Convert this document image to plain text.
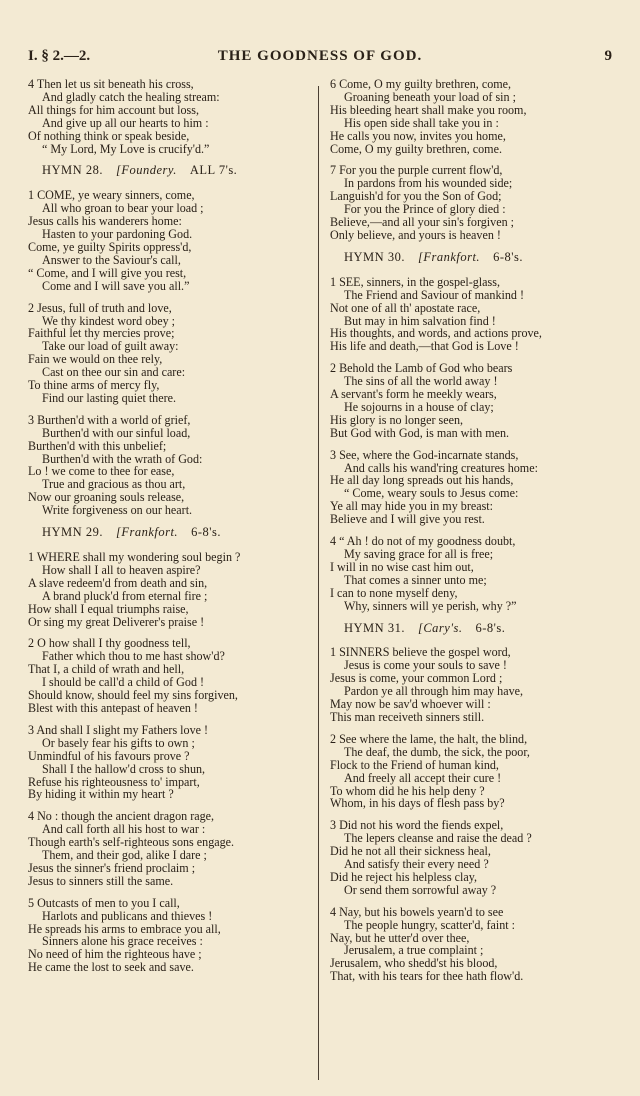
I. § 2.—2.	THE GOODNESS OF GOD.	9
4 Then let us sit beneath his cross,
And gladly catch the healing stream:
All things for him account but loss,
And give up all our hearts to him :
Of nothing think or speak beside,
“ My Lord, My Love is crucify'd.”
HYMN 28.  [Foundery.  ALL 7's.
1 COME, ye weary sinners, come,
All who groan to bear your load ;
Jesus calls his wanderers home:
Hasten to your pardoning God.
Come, ye guilty Spirits oppress'd,
Answer to the Saviour's call,
“ Come, and I will give you rest,
Come and I will save you all.”
2 Jesus, full of truth and love,
We thy kindest word obey ;
Faithful let thy mercies prove;
Take our load of guilt away:
Fain we would on thee rely,
Cast on thee our sin and care:
To thine arms of mercy fly,
Find our lasting quiet there.
3 Burthen'd with a world of grief,
Burthen'd with our sinful load,
Burthen'd with this unbelief;
Burthen'd with the wrath of God:
Lo ! we come to thee for ease,
True and gracious as thou art,
Now our groaning souls release,
Write forgiveness on our heart.
HYMN 29.  [Frankfort.  6-8's.
1 WHERE shall my wondering soul begin ?
How shall I all to heaven aspire?
A slave redeem'd from death and sin,
A brand pluck'd from eternal fire ;
How shall I equal triumphs raise,
Or sing my great Deliverer's praise !
2 O how shall I thy goodness tell,
Father which thou to me hast show'd?
That I, a child of wrath and hell,
I should be call'd a child of God !
Should know, should feel my sins forgiven,
Blest with this antepast of heaven !
3 And shall I slight my Fathers love !
Or basely fear his gifts to own ;
Unmindful of his favours prove ?
Shall I the hallow'd cross to shun,
Refuse his righteousness to' impart,
By hiding it within my heart ?
4 No : though the ancient dragon rage,
And call forth all his host to war :
Though earth's self-righteous sons engage.
Them, and their god, alike I dare ;
Jesus the sinner's friend proclaim ;
Jesus to sinners still the same.
5 Outcasts of men to you I call,
Harlots and publicans and thieves !
He spreads his arms to embrace you all,
Sinners alone his grace receives :
No need of him the righteous have ;
He came the lost to seek and save.
6 Come, O my guilty brethren, come,
Groaning beneath your load of sin ;
His bleeding heart shall make you room,
His open side shall take you in :
He calls you now, invites you home,
Come, O my guilty brethren, come.
7 For you the purple current flow'd,
In pardons from his wounded side;
Languish'd for you the Son of God;
For you the Prince of glory died :
Believe,—and all your sin's forgiven ;
Only believe, and yours is heaven !
HYMN 30.  [Frankfort.  6-8's.
1 SEE, sinners, in the gospel-glass,
The Friend and Saviour of mankind !
Not one of all th' apostate race,
But may in him salvation find !
His thoughts, and words, and actions prove,
His life and death,—that God is Love !
2 Behold the Lamb of God who bears
The sins of all the world away !
A servant's form he meekly wears,
He sojourns in a house of clay;
His glory is no longer seen,
But God with God, is man with men.
3 See, where the God-incarnate stands,
And calls his wand'ring creatures home:
He all day long spreads out his hands,
“ Come, weary souls to Jesus come:
Ye all may hide you in my breast:
Believe and I will give you rest.
4 “ Ah ! do not of my goodness doubt,
My saving grace for all is free;
I will in no wise cast him out,
That comes a sinner unto me;
I can to none myself deny,
Why, sinners will ye perish, why ?”
HYMN 31.  [Cary's.  6-8's.
1 SINNERS believe the gospel word,
Jesus is come your souls to save !
Jesus is come, your common Lord ;
Pardon ye all through him may have,
May now be sav'd whoever will :
This man receiveth sinners still.
2 See where the lame, the halt, the blind,
The deaf, the dumb, the sick, the poor,
Flock to the Friend of human kind,
And freely all accept their cure !
To whom did he his help deny ?
Whom, in his days of flesh pass by?
3 Did not his word the fiends expel,
The lepers cleanse and raise the dead ?
Did he not all their sickness heal,
And satisfy their every need ?
Did he reject his helpless clay,
Or send them sorrowful away ?
4 Nay, but his bowels yearn'd to see
The people hungry, scatter'd, faint :
Nay, but he utter'd over thee,
Jerusalem, a true complaint ;
Jerusalem, who shedd'st his blood,
That, with his tears for thee hath flow'd.
